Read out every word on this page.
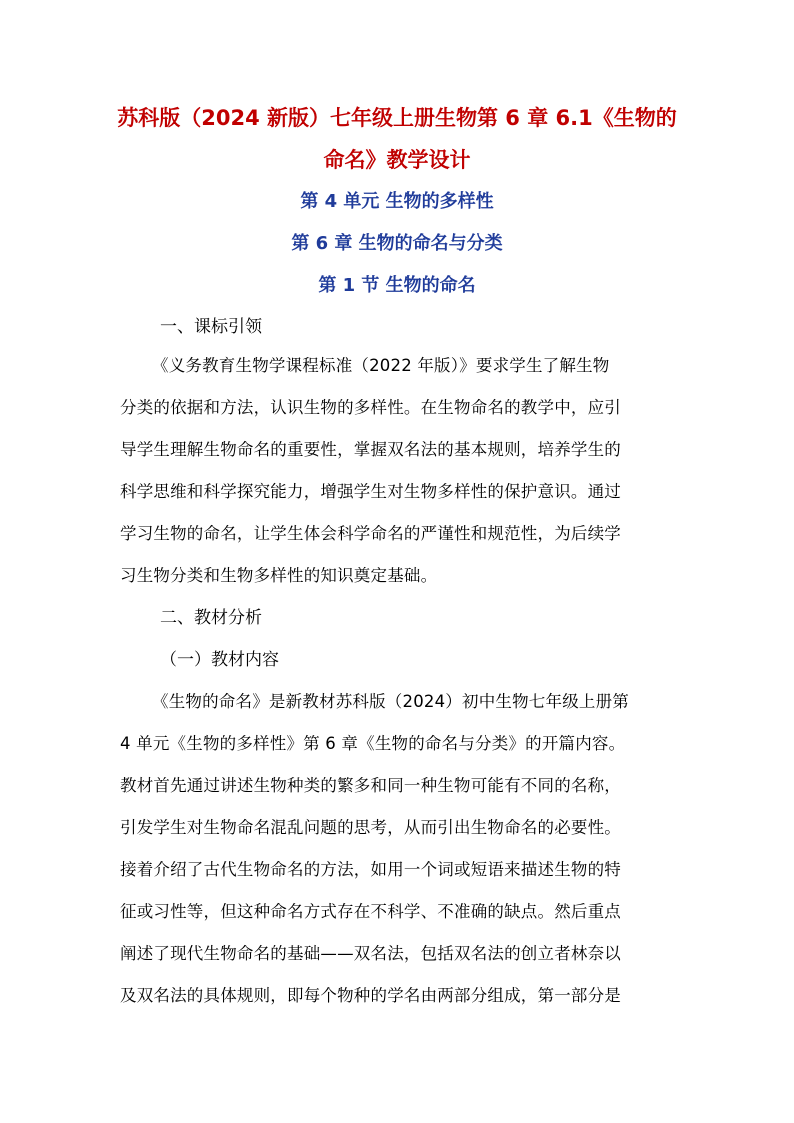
苏科版（2024 新版）七年级上册生物第 6 章 6.1《生物的
命名》教学设计
第 4 单元 生物的多样性
第 6 章 生物的命名与分类
第 1 节 生物的命名
一、课标引领
《义务教育生物学课程标准（2022 年版）》要求学生了解生物
分类的依据和方法，认识生物的多样性。在生物命名的教学中，应引
导学生理解生物命名的重要性，掌握双名法的基本规则，培养学生的
科学思维和科学探究能力，增强学生对生物多样性的保护意识。通过
学习生物的命名，让学生体会科学命名的严谨性和规范性，为后续学
习生物分类和生物多样性的知识奠定基础。
二、教材分析
（一）教材内容
《生物的命名》是新教材苏科版（2024）初中生物七年级上册第
4 单元《生物的多样性》第 6 章《生物的命名与分类》的开篇内容。
教材首先通过讲述生物种类的繁多和同一种生物可能有不同的名称，
引发学生对生物命名混乱问题的思考，从而引出生物命名的必要性。
接着介绍了古代生物命名的方法，如用一个词或短语来描述生物的特
征或习性等，但这种命名方式存在不科学、不准确的缺点。然后重点
阐述了现代生物命名的基础——双名法，包括双名法的创立者林奈以
及双名法的具体规则，即每个物种的学名由两部分组成，第一部分是
